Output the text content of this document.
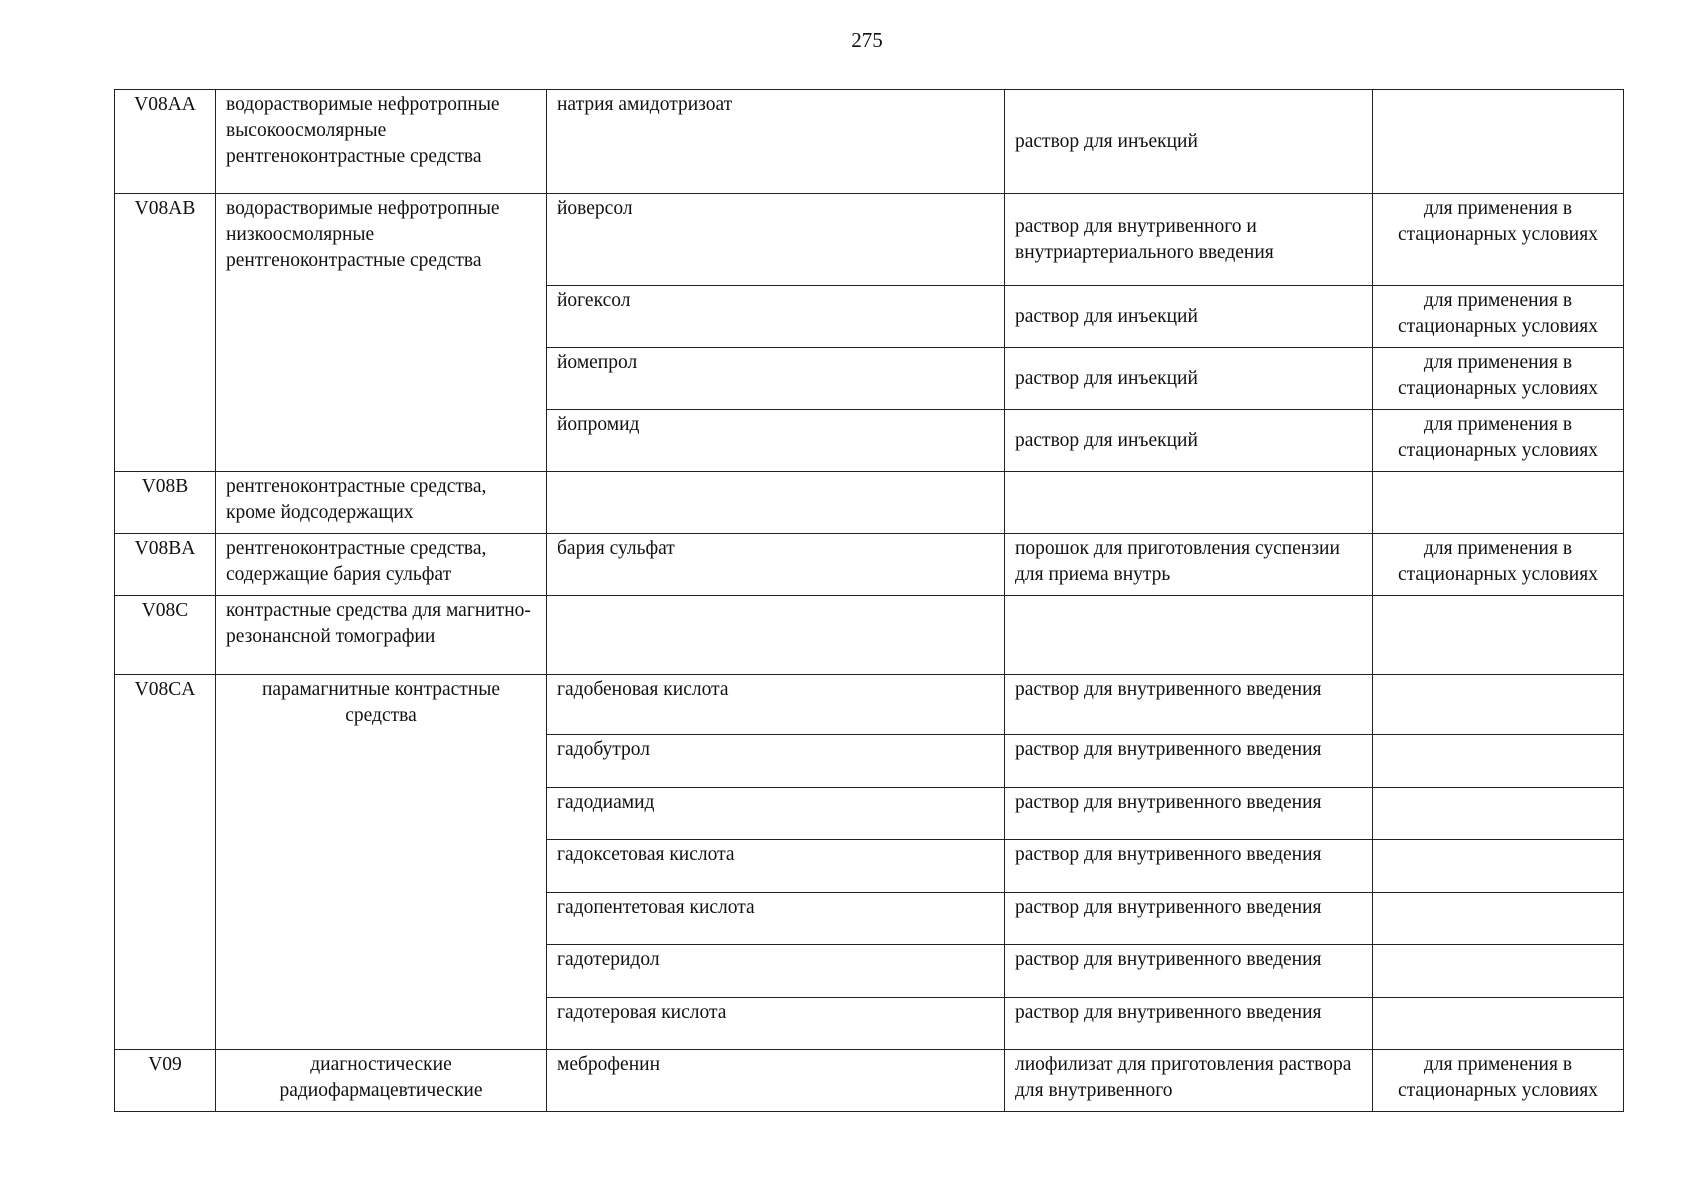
275
V08AA	водорастворимые нефротропные высокоосмолярные рентгеноконтрастные средства	натрия амидотризоат	раствор для инъекций	
V08AB	водорастворимые нефротропные низкоосмолярные рентгеноконтрастные средства	йоверсол	раствор для внутривенного и внутриартериального введения	для применения в стационарных условиях
		йогексол	раствор для инъекций	для применения в стационарных условиях
		йомепрол	раствор для инъекций	для применения в стационарных условиях
		йопромид	раствор для инъекций	для применения в стационарных условиях
V08B	рентгеноконтрастные средства, кроме йодсодержащих			
V08BA	рентгеноконтрастные средства, содержащие бария сульфат	бария сульфат	порошок для приготовления суспензии для приема внутрь	для применения в стационарных условиях
V08C	контрастные средства для магнитно-резонансной томографии			
V08CA	парамагнитные контрастные средства	гадобеновая кислота	раствор для внутривенного введения	
		гадобутрол	раствор для внутривенного введения	
		гадодиамид	раствор для внутривенного введения	
		гадоксетовая кислота	раствор для внутривенного введения	
		гадопентетовая кислота	раствор для внутривенного введения	
		гадотеридол	раствор для внутривенного введения	
		гадотеровая кислота	раствор для внутривенного введения	
V09	диагностические радиофармацевтические	меброфенин	лиофилизат для приготовления раствора для внутривенного	для применения в стационарных условиях
